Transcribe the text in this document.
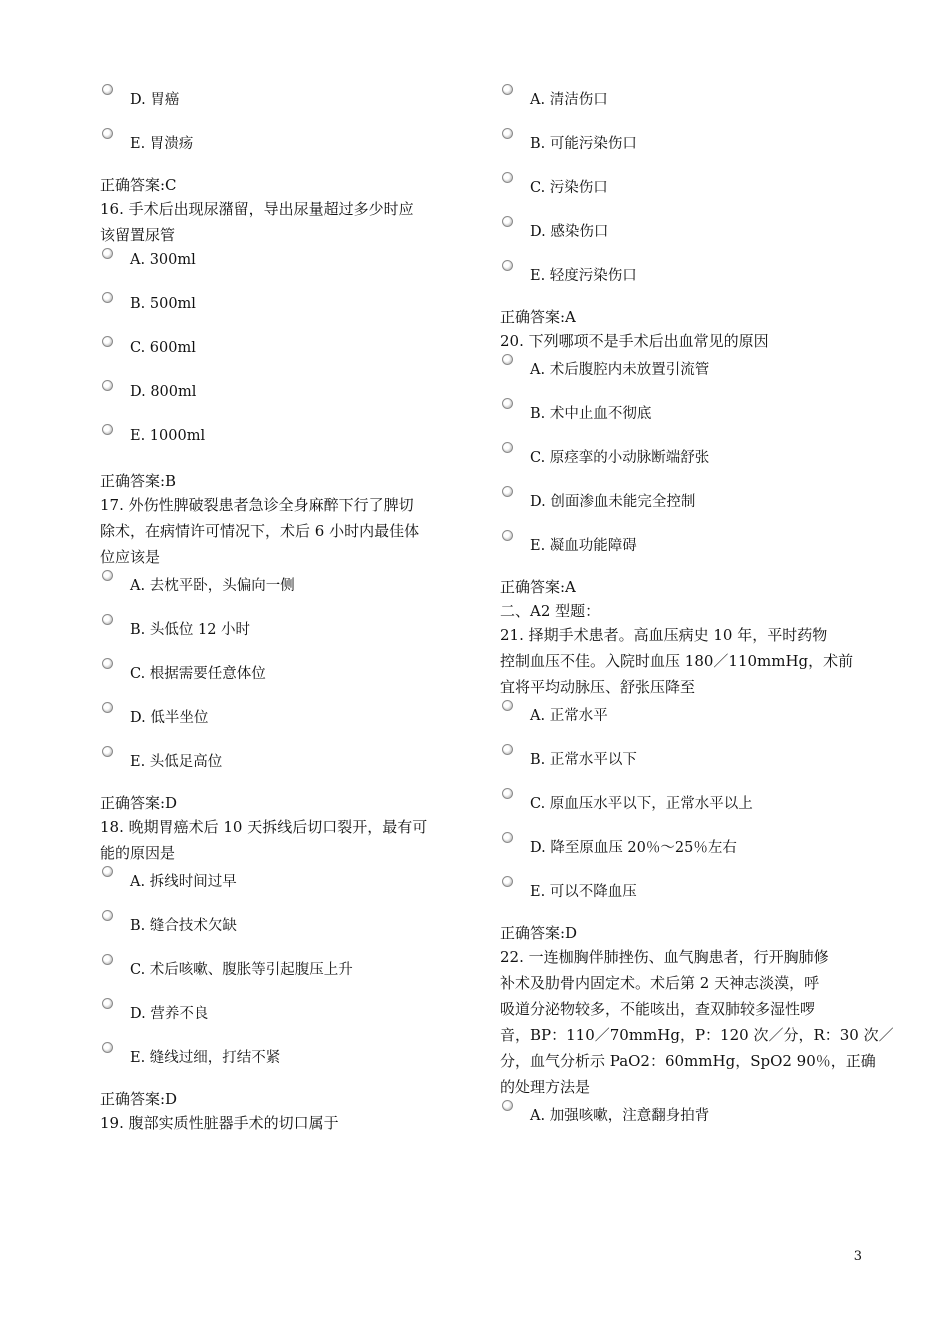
D. 胃癌
E. 胃溃疡
正确答案:C
16. 手术后出现尿潴留，导出尿量超过多少时应
该留置尿管
A. 300ml
B. 500ml
C. 600ml
D. 800ml
E. 1000ml
正确答案:B
17. 外伤性脾破裂患者急诊全身麻醉下行了脾切
除术，在病情许可情况下，术后 6 小时内最佳体
位应该是
A. 去枕平卧，头偏向一侧
B. 头低位 12 小时
C. 根据需要任意体位
D. 低半坐位
E. 头低足高位
正确答案:D
18. 晚期胃癌术后 10 天拆线后切口裂开，最有可
能的原因是
A. 拆线时间过早
B. 缝合技术欠缺
C. 术后咳嗽、腹胀等引起腹压上升
D. 营养不良
E. 缝线过细，打结不紧
正确答案:D
19. 腹部实质性脏器手术的切口属于
A. 清洁伤口
B. 可能污染伤口
C. 污染伤口
D. 感染伤口
E. 轻度污染伤口
正确答案:A
20. 下列哪项不是手术后出血常见的原因
A. 术后腹腔内未放置引流管
B. 术中止血不彻底
C. 原痉挛的小动脉断端舒张
D. 创面渗血未能完全控制
E. 凝血功能障碍
正确答案:A
二、A2 型题：
21. 择期手术患者。高血压病史 10 年，平时药物
控制血压不佳。入院时血压 180／110mmHg，术前
宜将平均动脉压、舒张压降至
A. 正常水平
B. 正常水平以下
C. 原血压水平以下，正常水平以上
D. 降至原血压 20％～25％左右
E. 可以不降血压
正确答案:D
22. 一连枷胸伴肺挫伤、血气胸患者，行开胸肺修
补术及肋骨内固定术。术后第 2 天神志淡漠，呼
吸道分泌物较多，不能咳出，查双肺较多湿性啰
音，BP：110／70mmHg，P：120 次／分，R：30 次／
分，血气分析示 PaO2：60mmHg，SpO2 90％，正确
的处理方法是
A. 加强咳嗽，注意翻身拍背
3
